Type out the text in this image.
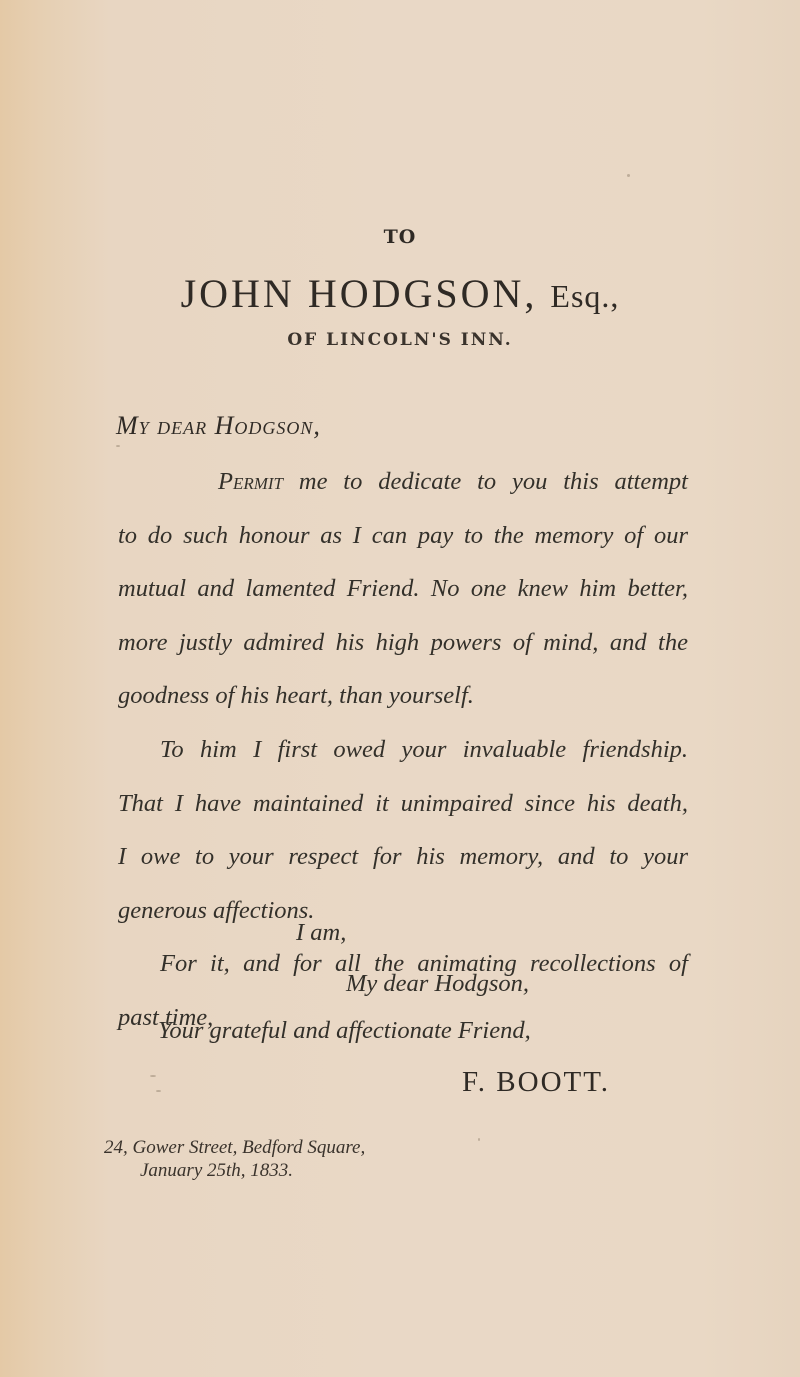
TO
JOHN HODGSON, Esq.,
OF LINCOLN'S INN.
My dear Hodgson,
Permit me to dedicate to you this attempt
to do such honour as I can pay to the memory of our
mutual and lamented Friend. No one knew him better,
more justly admired his high powers of mind, and the
goodness of his heart, than yourself.
To him I first owed your invaluable friendship.
That I have maintained it unimpaired since his death,
I owe to your respect for his memory, and to your
generous affections.
For it, and for all the animating recollections of
past time,
I am,
My dear Hodgson,
Your grateful and affectionate Friend,
F. BOOTT.
24, Gower Street, Bedford Square,
January 25th, 1833.
